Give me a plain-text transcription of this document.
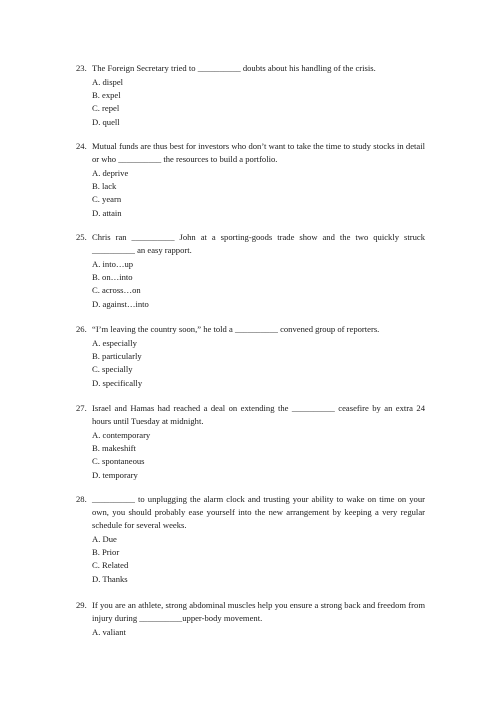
23. The Foreign Secretary tried to __________ doubts about his handling of the crisis.
A. dispel
B. expel
C. repel
D. quell
24. Mutual funds are thus best for investors who don’t want to take the time to study stocks in detail or who __________ the resources to build a portfolio.
A. deprive
B. lack
C. yearn
D. attain
25. Chris ran __________ John at a sporting-goods trade show and the two quickly struck __________ an easy rapport.
A. into…up
B. on…into
C. across…on
D. against…into
26. “I’m leaving the country soon,” he told a __________ convened group of reporters.
A. especially
B. particularly
C. specially
D. specifically
27. Israel and Hamas had reached a deal on extending the __________ ceasefire by an extra 24 hours until Tuesday at midnight.
A. contemporary
B. makeshift
C. spontaneous
D. temporary
28. __________ to unplugging the alarm clock and trusting your ability to wake on time on your own, you should probably ease yourself into the new arrangement by keeping a very regular schedule for several weeks.
A. Due
B. Prior
C. Related
D. Thanks
29. If you are an athlete, strong abdominal muscles help you ensure a strong back and freedom from injury during __________upper-body movement.
A. valiant
